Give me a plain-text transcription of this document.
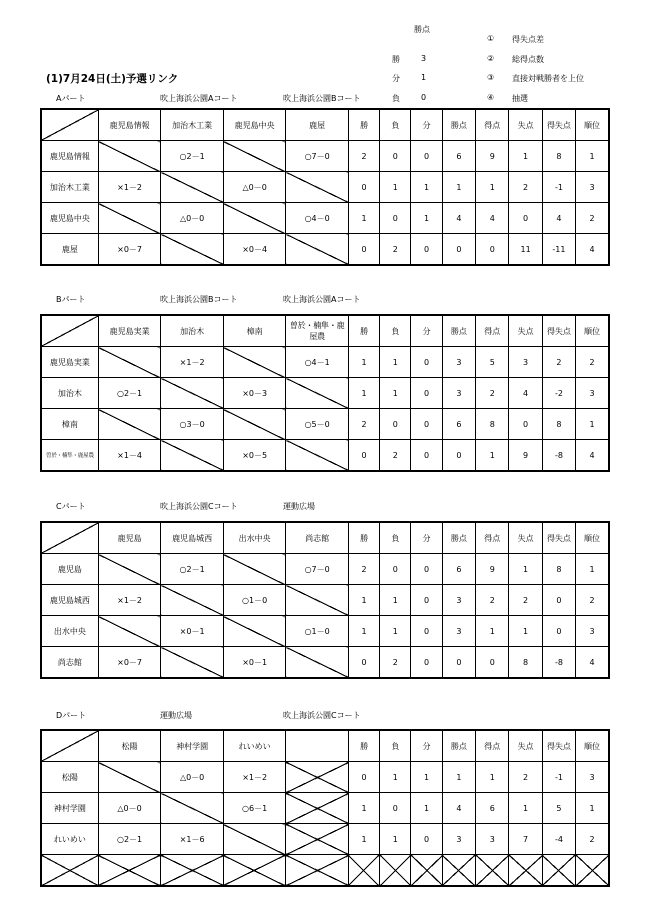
勝点
勝	3
分	1
負	0
① 得失点差
② 総得点数
③ 直接対戦勝者を上位
④ 抽選
(1)7月24日(土)予選リンク
Aパート	吹上海浜公園Aコート	吹上海浜公園Bコート
	鹿児島情報	加治木工業	鹿児島中央	鹿屋	勝	負	分	勝点	得点	失点	得失点	順位
鹿児島情報		○2－1		○7－0	2	0	0	6	9	1	8	1
加治木工業	×1－2		△0－0		0	1	1	1	1	2	-1	3
鹿児島中央		△0－0		○4－0	1	0	1	4	4	0	4	2
鹿屋	×0－7		×0－4		0	2	0	0	0	11	-11	4
Bパート	吹上海浜公園Bコート	吹上海浜公園Aコート
	鹿児島実業	加治木	樟南	曽於・楠隼・鹿屋農	勝	負	分	勝点	得点	失点	得失点	順位
鹿児島実業		×1－2		○4－1	1	1	0	3	5	3	2	2
加治木	○2－1		×0－3		1	1	0	3	2	4	-2	3
樟南		○3－0		○5－0	2	0	0	6	8	0	8	1
曽於・楠隼・鹿屋農	×1－4		×0－5		0	2	0	0	1	9	-8	4
Cパート	吹上海浜公園Cコート	運動広場
	鹿児島	鹿児島城西	出水中央	尚志館	勝	負	分	勝点	得点	失点	得失点	順位
鹿児島		○2－1		○7－0	2	0	0	6	9	1	8	1
鹿児島城西	×1－2		○1－0		1	1	0	3	2	2	0	2
出水中央		×0－1		○1－0	1	1	0	3	1	1	0	3
尚志館	×0－7		×0－1		0	2	0	0	0	8	-8	4
Dパート	運動広場	吹上海浜公園Cコート
	松陽	神村学園	れいめい		勝	負	分	勝点	得点	失点	得失点	順位
松陽		△0－0	×1－2		0	1	1	1	1	2	-1	3
神村学園	△0－0		○6－1		1	0	1	4	6	1	5	1
れいめい	○2－1	×1－6			1	1	0	3	3	7	-4	2
